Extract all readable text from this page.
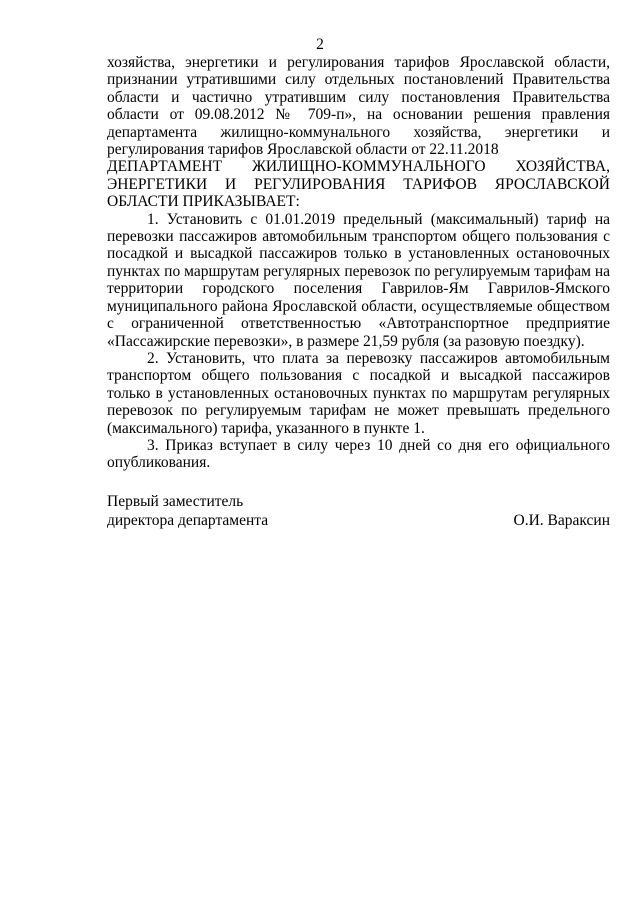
2

хозяйства, энергетики и регулирования тарифов Ярославской области, признании утратившими силу отдельных постановлений Правительства области и частично утратившим силу постановления Правительства области от 09.08.2012 № 709-п», на основании решения правления департамента жилищно-коммунального хозяйства, энергетики и регулирования тарифов Ярославской области от 22.11.2018

ДЕПАРТАМЕНТ ЖИЛИЩНО-КОММУНАЛЬНОГО ХОЗЯЙСТВА, ЭНЕРГЕТИКИ И РЕГУЛИРОВАНИЯ ТАРИФОВ ЯРОСЛАВСКОЙ ОБЛАСТИ ПРИКАЗЫВАЕТ:

1. Установить с 01.01.2019 предельный (максимальный) тариф на перевозки пассажиров автомобильным транспортом общего пользования с посадкой и высадкой пассажиров только в установленных остановочных пунктах по маршрутам регулярных перевозок по регулируемым тарифам на территории городского поселения Гаврилов-Ям Гаврилов-Ямского муниципального района Ярославской области, осуществляемые обществом с ограниченной ответственностью «Автотранспортное предприятие «Пассажирские перевозки», в размере 21,59 рубля (за разовую поездку).

2. Установить, что плата за перевозку пассажиров автомобильным транспортом общего пользования с посадкой и высадкой пассажиров только в установленных остановочных пунктах по маршрутам регулярных перевозок по регулируемым тарифам не может превышать предельного (максимального) тарифа, указанного в пункте 1.

3. Приказ вступает в силу через 10 дней со дня его официального опубликования.

Первый заместитель
директора департамента	О.И. Вараксин
